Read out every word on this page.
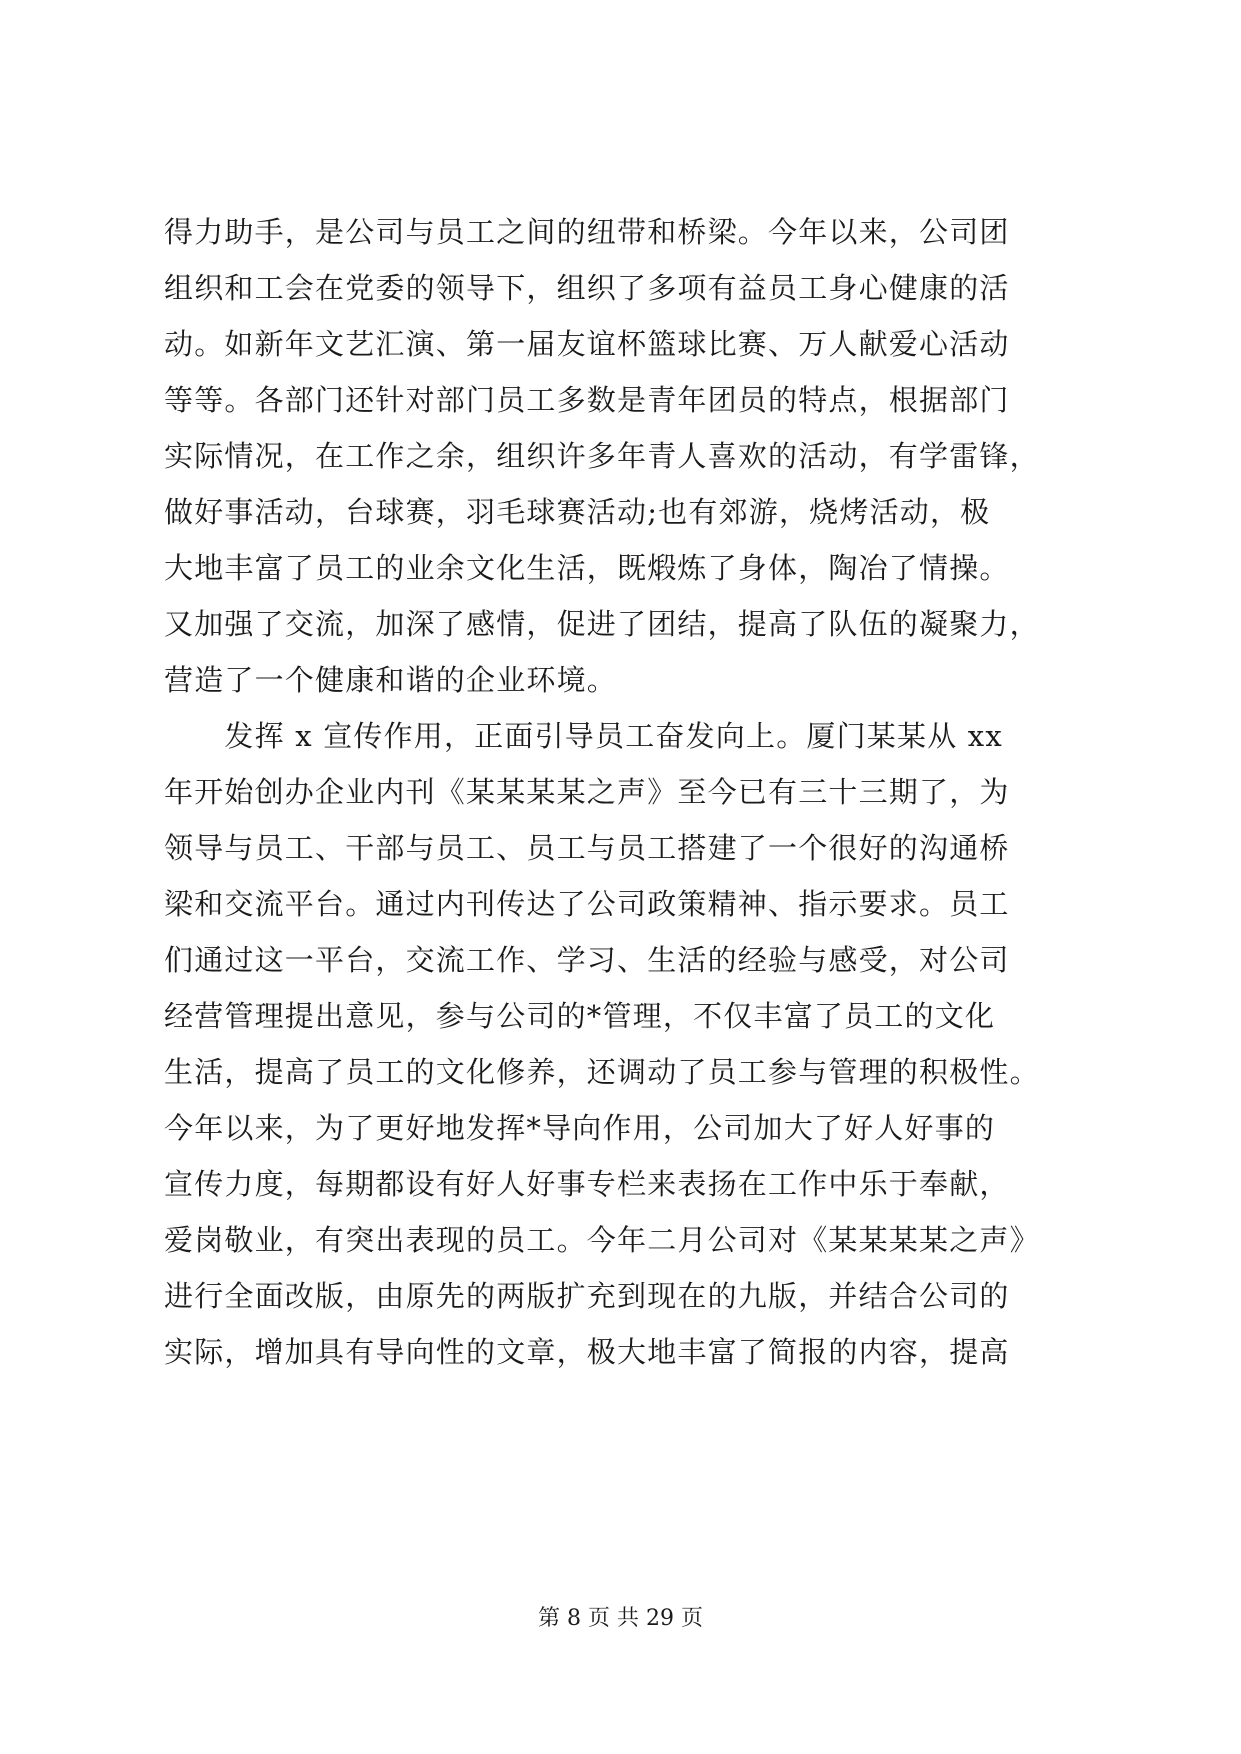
得力助手，是公司与员工之间的纽带和桥梁。今年以来，公司团
组织和工会在党委的领导下，组织了多项有益员工身心健康的活
动。如新年文艺汇演、第一届友谊杯篮球比赛、万人献爱心活动
等等。各部门还针对部门员工多数是青年团员的特点，根据部门
实际情况，在工作之余，组织许多年青人喜欢的活动，有学雷锋，
做好事活动，台球赛，羽毛球赛活动;也有郊游，烧烤活动，极
大地丰富了员工的业余文化生活，既煅炼了身体，陶冶了情操。
又加强了交流，加深了感情，促进了团结，提高了队伍的凝聚力，
营造了一个健康和谐的企业环境。
　　发挥 x 宣传作用，正面引导员工奋发向上。厦门某某从 xx
年开始创办企业内刊《某某某某之声》至今已有三十三期了，为
领导与员工、干部与员工、员工与员工搭建了一个很好的沟通桥
梁和交流平台。通过内刊传达了公司政策精神、指示要求。员工
们通过这一平台，交流工作、学习、生活的经验与感受，对公司
经营管理提出意见，参与公司的*管理，不仅丰富了员工的文化
生活，提高了员工的文化修养，还调动了员工参与管理的积极性。
今年以来，为了更好地发挥*导向作用，公司加大了好人好事的
宣传力度，每期都设有好人好事专栏来表扬在工作中乐于奉献，
爱岗敬业，有突出表现的员工。今年二月公司对《某某某某之声》
进行全面改版，由原先的两版扩充到现在的九版，并结合公司的
实际，增加具有导向性的文章，极大地丰富了简报的内容，提高
第 8 页 共 29 页
